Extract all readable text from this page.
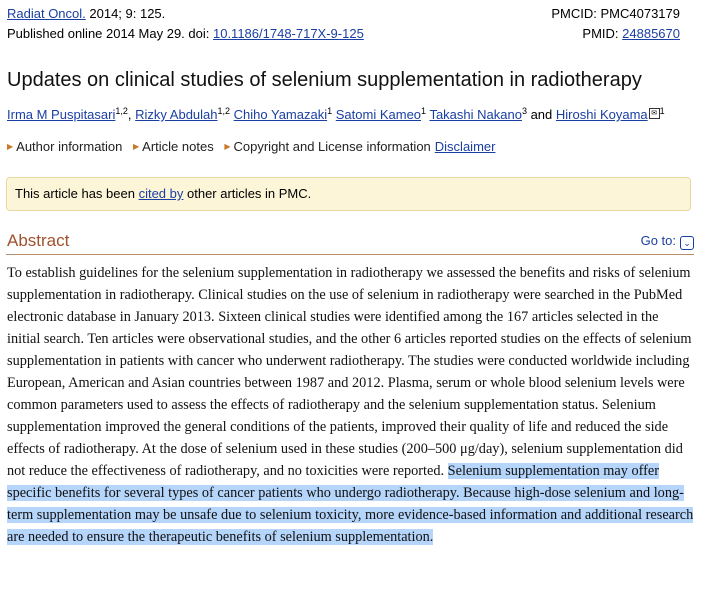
Radiat Oncol. 2014; 9: 125.	PMCID: PMC4073179
Published online 2014 May 29. doi: 10.1186/1748-717X-9-125	PMID: 24885670
Updates on clinical studies of selenium supplementation in radiotherapy
Irma M Puspitasari$^{1,2}$, Rizky Abdulah$^{1,2}$ Chiho Yamazaki$^1$ Satomi Kameo$^1$ Takashi Nakano$^3$ and Hiroshi Koyama ✉ $^1$
▶ Author information ▶ Article notes ▶ Copyright and License information Disclaimer
This article has been cited by other articles in PMC.
Abstract	Go to: ⌄

To establish guidelines for the selenium supplementation in radiotherapy we assessed the benefits and risks of selenium supplementation in radiotherapy. Clinical studies on the use of selenium in radiotherapy were searched in the PubMed electronic database in January 2013. Sixteen clinical studies were identified among the 167 articles selected in the initial search. Ten articles were observational studies, and the other 6 articles reported studies on the effects of selenium supplementation in patients with cancer who underwent radiotherapy. The studies were conducted worldwide including European, American and Asian countries between 1987 and 2012. Plasma, serum or whole blood selenium levels were common parameters used to assess the effects of radiotherapy and the selenium supplementation status. Selenium supplementation improved the general conditions of the patients, improved their quality of life and reduced the side effects of radiotherapy. At the dose of selenium used in these studies (200–500 μg/day), selenium supplementation did not reduce the effectiveness of radiotherapy, and no toxicities were reported. Selenium supplementation may offer specific benefits for several types of cancer patients who undergo radiotherapy. Because high-dose selenium and long-term supplementation may be unsafe due to selenium toxicity, more evidence-based information and additional research are needed to ensure the therapeutic benefits of selenium supplementation.
